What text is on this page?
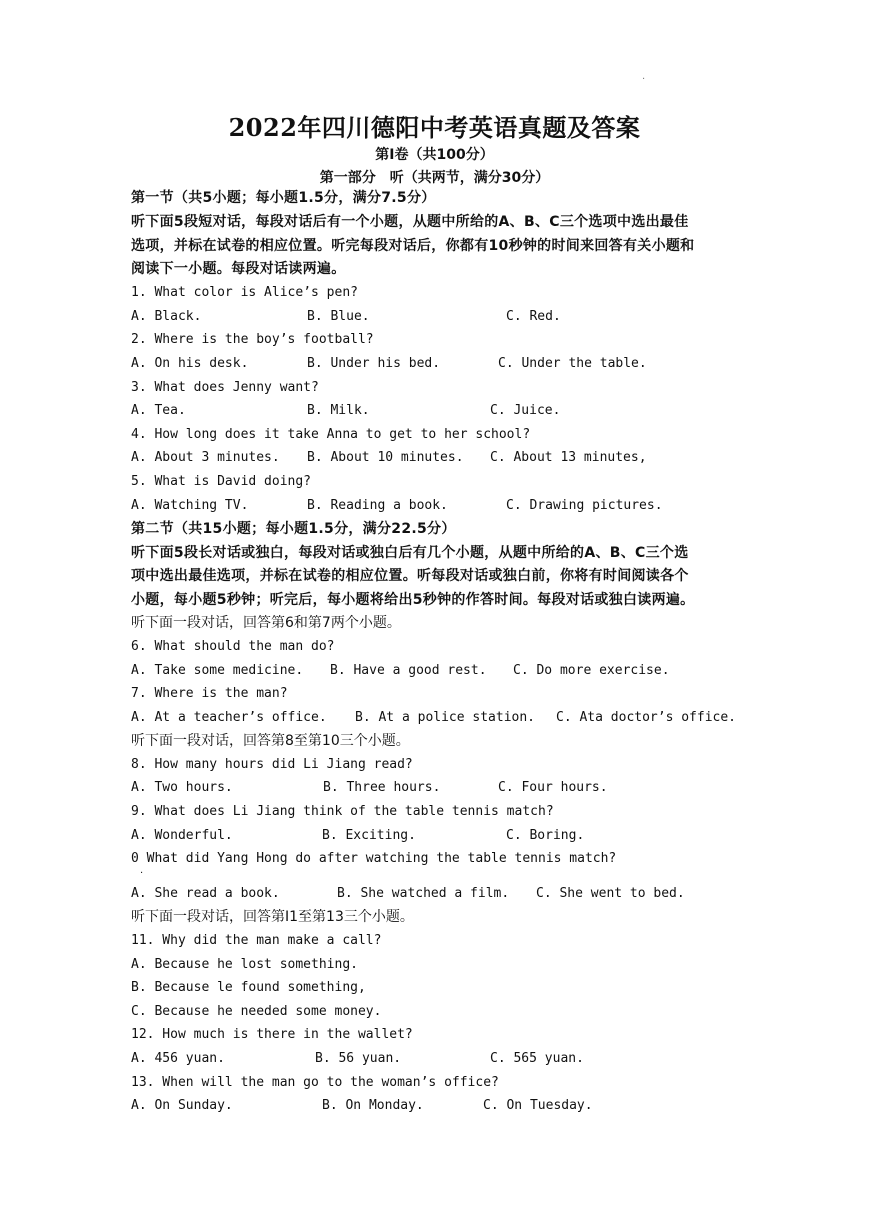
·
2022年四川德阳中考英语真题及答案
第Ⅰ卷（共100分）
第一部分　听（共两节，满分30分）
第一节（共5小题；每小题1.5分，满分7.5分）
听下面5段短对话，每段对话后有一个小题，从题中所给的A、B、C三个选项中选出最佳
选项，并标在试卷的相应位置。听完每段对话后，你都有10秒钟的时间来回答有关小题和
阅读下一小题。每段对话读两遍。
1. What color is Alice’s pen?
A. Black.	B. Blue.	C. Red.
2. Where is the boy’s football?
A. On his desk.	B. Under his bed.	C. Under the table.
3. What does Jenny want?
A. Tea.	B. Milk.	C. Juice.
4. How long does it take Anna to get to her school?
A. About 3 minutes. B. About 10 minutes. C. About 13 minutes,
5. What is David doing?
A. Watching TV.	B. Reading a book.	C. Drawing pictures.
第二节（共15小题；每小题1.5分，满分22.5分）
听下面5段长对话或独白，每段对话或独白后有几个小题，从题中所给的A、B、C三个选
项中选出最佳选项，并标在试卷的相应位置。听每段对话或独白前，你将有时间阅读各个
小题，每小题5秒钟；听完后，每小题将给出5秒钟的作答时间。每段对话或独白读两遍。
听下面一段对话，回答第6和第7两个小题。
6. What should the man do?
A. Take some medicine. B. Have a good rest. C. Do more exercise.
7. Where is the man?
A. At a teacher’s office. B. At a police station. C. Ata doctor’s office.
听下面一段对话，回答第8至第10三个小题。
8. How many hours did Li Jiang read?
A. Two hours.	B. Three hours.	C. Four hours.
9. What does Li Jiang think of the table tennis match?
A. Wonderful.	B. Exciting.	C. Boring.
0 What did Yang Hong do after watching the table tennis match?
·
A. She read a book.	B. She watched a film. C. She went to bed.
听下面一段对话，回答第I1至第13三个小题。
11. Why did the man make a call?
A. Because he lost something.
B. Because le found something,
C. Because he needed some money.
12. How much is there in the wallet?
A. 456 yuan.	B. 56 yuan.	C. 565 yuan.
13. When will the man go to the woman’s office?
A. On Sunday.	B. On Monday.	C. On Tuesday.
